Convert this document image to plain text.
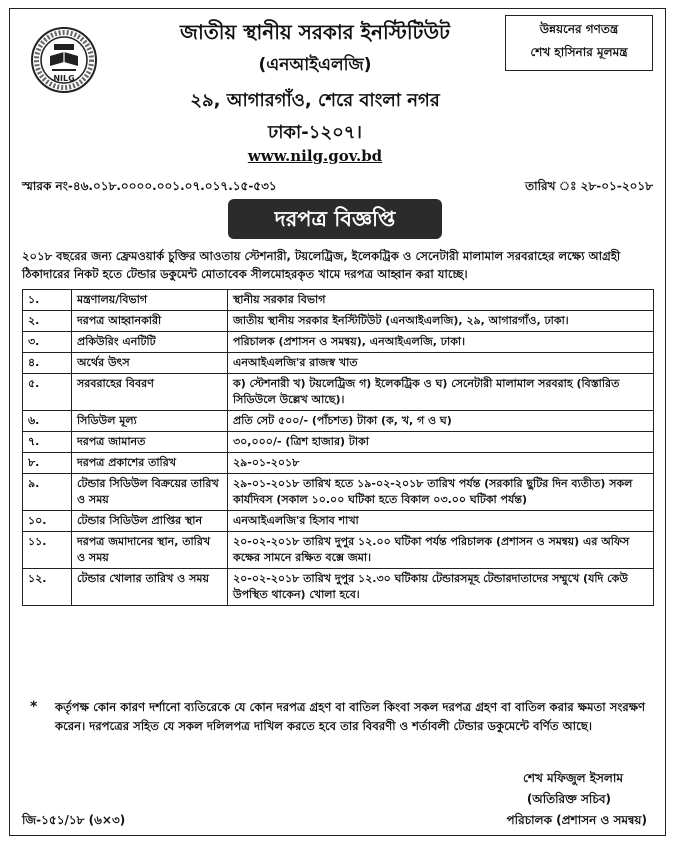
NILG
জাতীয় স্থানীয় সরকার ইনস্টিটিউট
(এনআইএলজি)
২৯, আগারগাঁও, শেরে বাংলা নগর
ঢাকা-১২০৭।
www.nilg.gov.bd
উন্নয়নের গণতন্ত্র
শেখ হাসিনার মূলমন্ত্র
স্মারক নং-৪৬.০১৮.০০০০.০০১.০৭.০১৭.১৫-৫৩১	তারিখ ঃ ২৮-০১-২০১৮
দরপত্র বিজ্ঞপ্তি
২০১৮ বছরের জন্য ফ্রেমওয়ার্ক চুক্তির আওতায় স্টেশনারী, টয়লেট্রিজ, ইলেকট্রিক ও সেনেটারী মালামাল সরবরাহের লক্ষ্যে আগ্রহী ঠিকাদারের নিকট হতে টেন্ডার ডকুমেন্ট মোতাবেক সীলমোহরকৃত খামে দরপত্র আহ্বান করা যাচ্ছে।
১.	মন্ত্রণালয়/বিভাগ	স্থানীয় সরকার বিভাগ
২.	দরপত্র আহ্বানকারী	জাতীয় স্থানীয় সরকার ইনস্টিটিউট (এনআইএলজি), ২৯, আগারগাঁও, ঢাকা।
৩.	প্রকিউরিং এনটিটি	পরিচালক (প্রশাসন ও সমন্বয়), এনআইএলজি, ঢাকা।
৪.	অর্থের উৎস	এনআইএলজি'র রাজস্ব খাত
৫.	সরবরাহের বিবরণ	ক) স্টেশনারী খ) টয়লেট্রিজ গ) ইলেকট্রিক ও ঘ) সেনেটারী মালামাল সরবরাহ (বিস্তারিত সিডিউলে উল্লেখ আছে)।
৬.	সিডিউল মূল্য	প্রতি সেট ৫০০/- (পাঁচশত) টাকা (ক, খ, গ ও ঘ)
৭.	দরপত্র জামানত	৩০,০০০/- (ত্রিশ হাজার) টাকা
৮.	দরপত্র প্রকাশের তারিখ	২৯-০১-২০১৮
৯.	টেন্ডার সিডিউল বিক্রয়ের তারিখ ও সময়	২৯-০১-২০১৮ তারিখ হতে ১৯-০২-২০১৮ তারিখ পর্যন্ত (সরকারি ছুটির দিন ব্যতীত) সকল কার্যদিবস (সকাল ১০.০০ ঘটিকা হতে বিকাল ০৩.০০ ঘটিকা পর্যন্ত)
১০.	টেন্ডার সিডিউল প্রাপ্তির স্থান	এনআইএলজি'র হিসাব শাখা
১১.	দরপত্র জমাদানের স্থান, তারিখ ও সময়	২০-০২-২০১৮ তারিখ দুপুর ১২.০০ ঘটিকা পর্যন্ত পরিচালক (প্রশাসন ও সমন্বয়) এর অফিস কক্ষের সামনে রক্ষিত বক্সে জমা।
১২.	টেন্ডার খোলার তারিখ ও সময়	২০-০২-২০১৮ তারিখ দুপুর ১২.৩০ ঘটিকায় টেন্ডারসমূহ টেন্ডারদাতাদের সম্মুখে (যদি কেউ উপস্থিত থাকেন) খোলা হবে।
* কর্তৃপক্ষ কোন কারণ দর্শানো ব্যতিরেকে যে কোন দরপত্র গ্রহণ বা বাতিল কিংবা সকল দরপত্র গ্রহণ বা বাতিল করার ক্ষমতা সংরক্ষণ করেন। দরপত্রের সহিত যে সকল দলিলপত্র দাখিল করতে হবে তার বিবরণী ও শর্তাবলী টেন্ডার ডকুমেন্টে বর্ণিত আছে।
শেখ মফিজুল ইসলাম
(অতিরিক্ত সচিব)
পরিচালক (প্রশাসন ও সমন্বয়)
জি-১৫১/১৮ (৬×৩)
